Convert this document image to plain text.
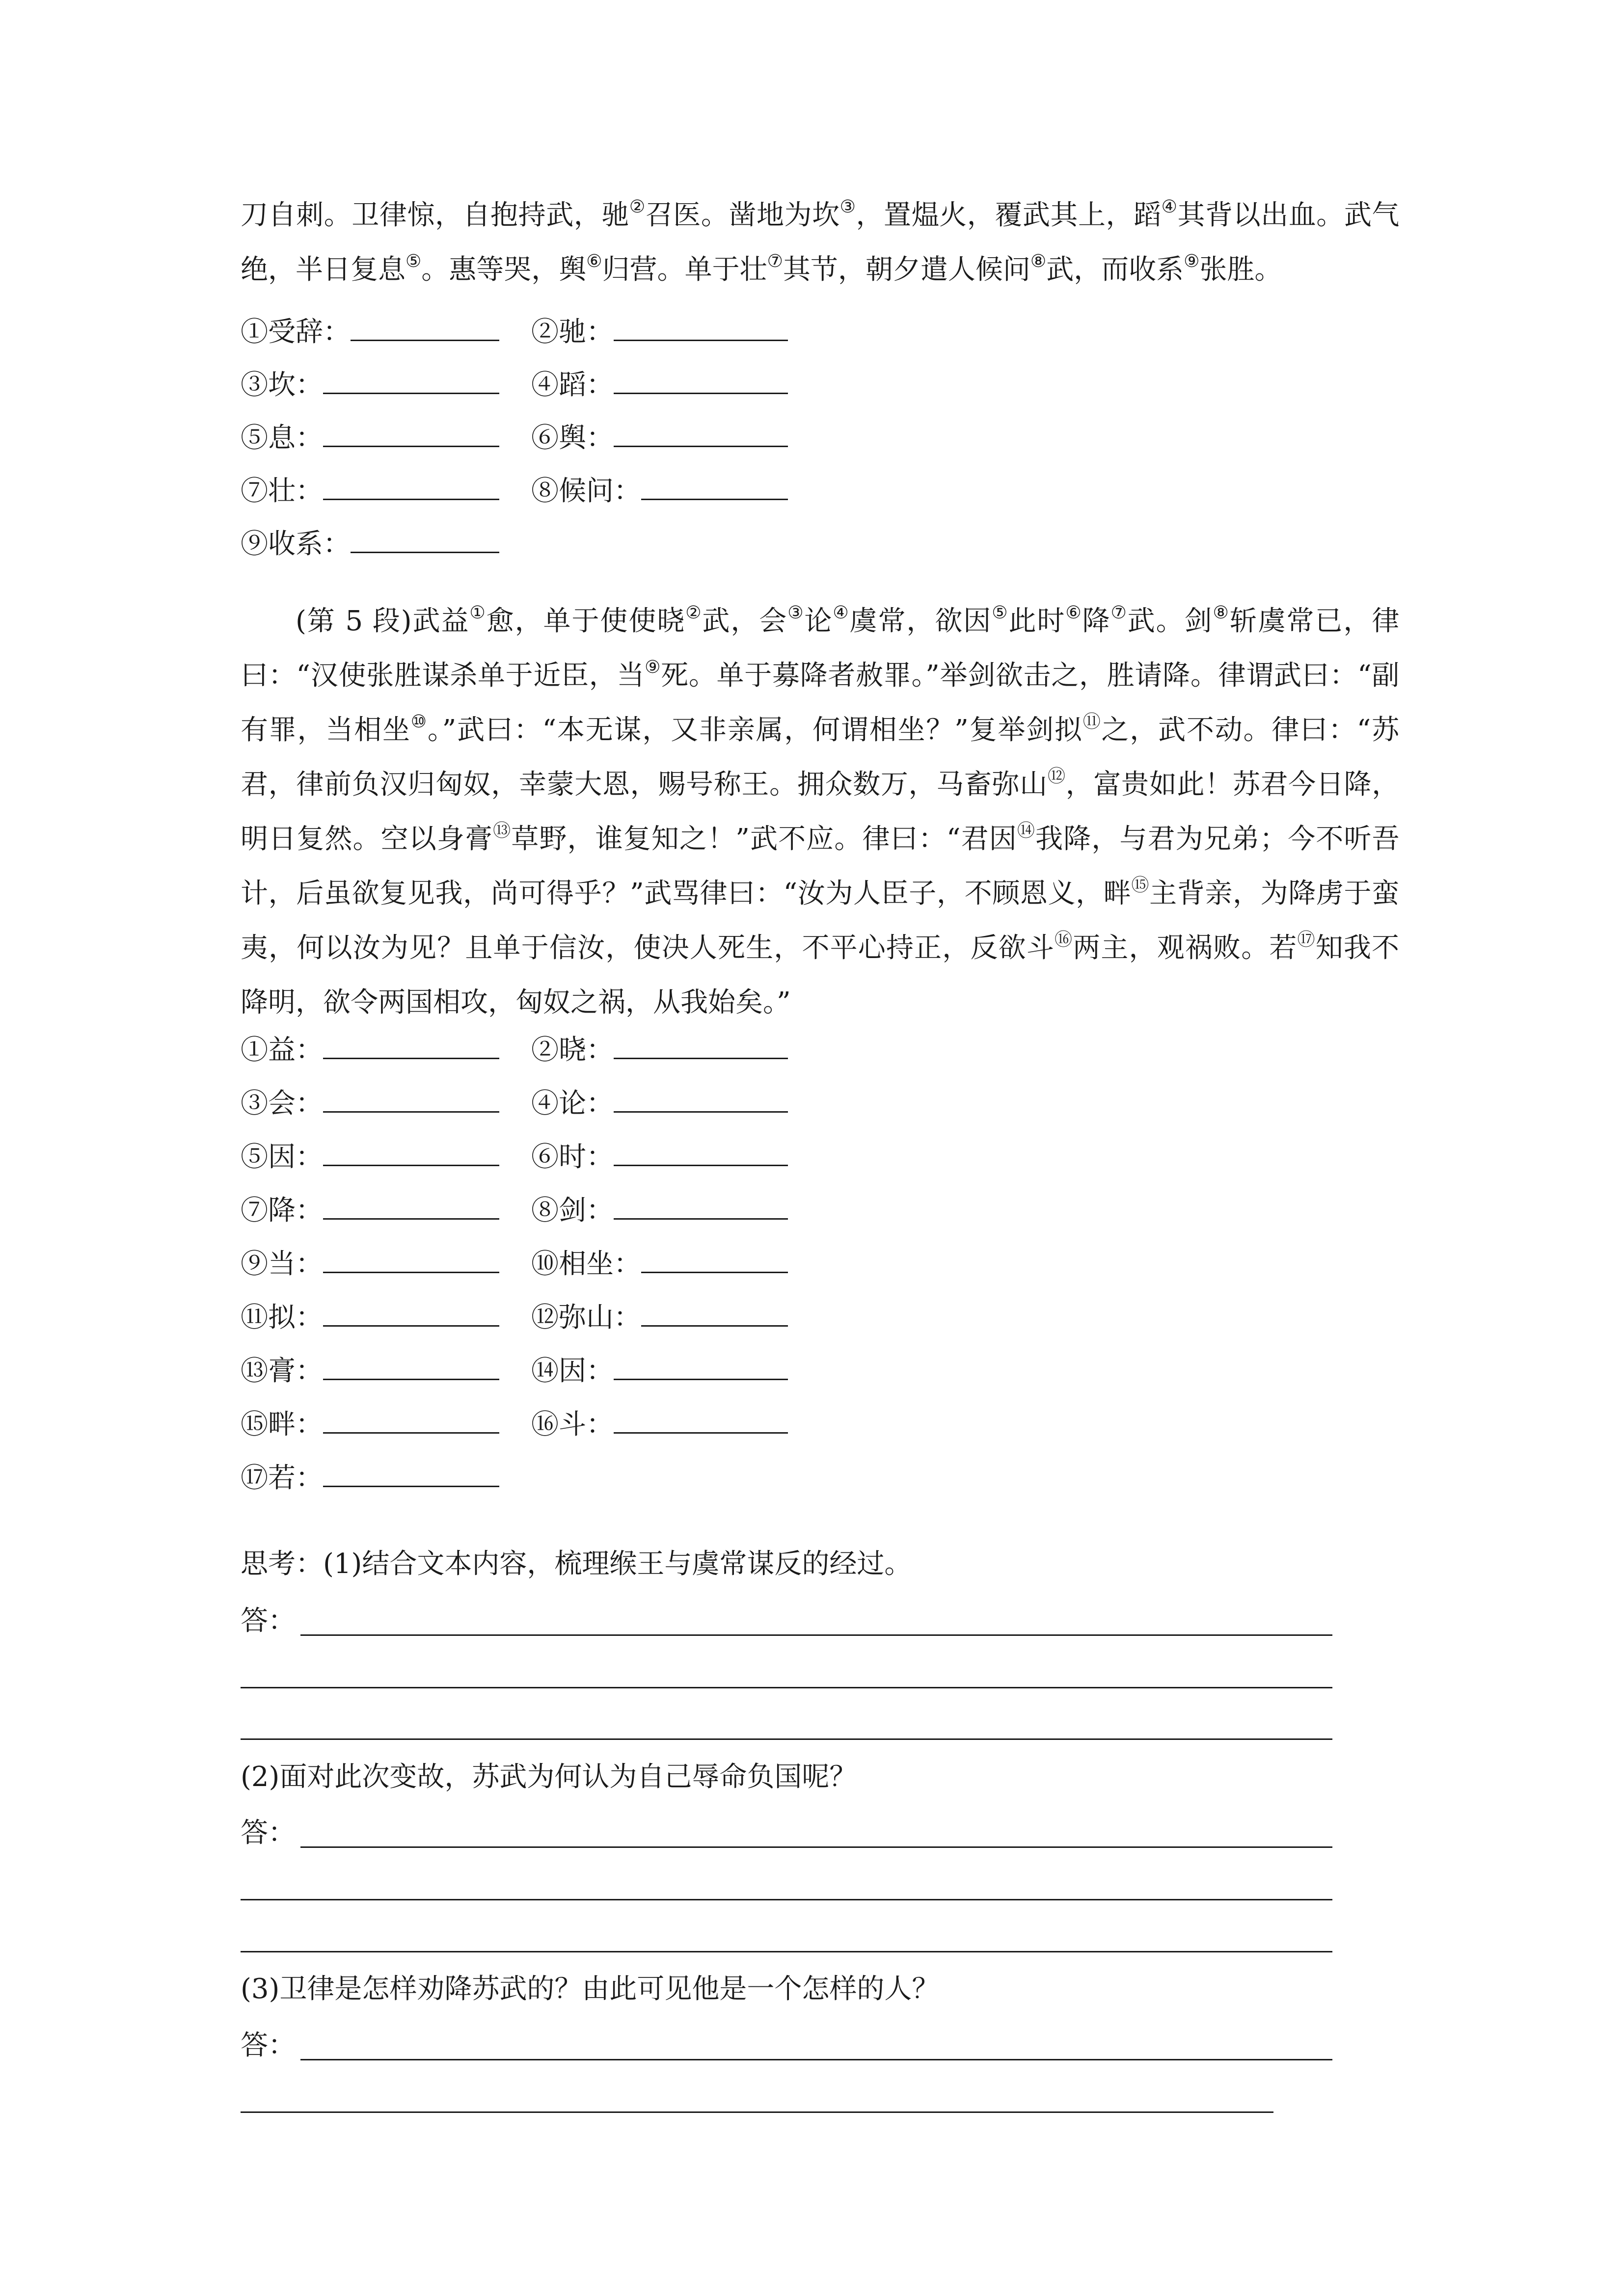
刀自刺。卫律惊，自抱持武，驰②召医。凿地为坎③，置煴火，覆武其上，蹈④其背以出血。武气绝，半日复息⑤。惠等哭，舆⑥归营。单于壮⑦其节，朝夕遣人候问⑧武，而收系⑨张胜。

①受辞：	②驰：
③坎：	④蹈：
⑤息：	⑥舆：
⑦壮：	⑧候问：
⑨收系：

(第 5 段)武益①愈，单于使使晓②武，会③论④虞常，欲因⑤此时⑥降⑦武。剑⑧斩虞常已，律曰：“汉使张胜谋杀单于近臣，当⑨死。单于募降者赦罪。”举剑欲击之，胜请降。律谓武曰：“副有罪，当相坐⑩。”武曰：“本无谋，又非亲属，何谓相坐？”复举剑拟⑪之，武不动。律曰：“苏君，律前负汉归匈奴，幸蒙大恩，赐号称王。拥众数万，马畜弥山⑫，富贵如此！苏君今日降，明日复然。空以身膏⑬草野，谁复知之！”武不应。律曰：“君因⑭我降，与君为兄弟；今不听吾计，后虽欲复见我，尚可得乎？”武骂律曰：“汝为人臣子，不顾恩义，畔⑮主背亲，为降虏于蛮夷，何以汝为见？且单于信汝，使决人死生，不平心持正，反欲斗⑯两主，观祸败。若⑰知我不降明，欲令两国相攻，匈奴之祸，从我始矣。”

①益：	②晓：
③会：	④论：
⑤因：	⑥时：
⑦降：	⑧剑：
⑨当：	⑩相坐：
⑪拟：	⑫弥山：
⑬膏：	⑭因：
⑮畔：	⑯斗：
⑰若：
思考：(1)结合文本内容，梳理缑王与虞常谋反的经过。
答：
(2)面对此次变故，苏武为何认为自己辱命负国呢？
答：
(3)卫律是怎样劝降苏武的？由此可见他是一个怎样的人？
答：
